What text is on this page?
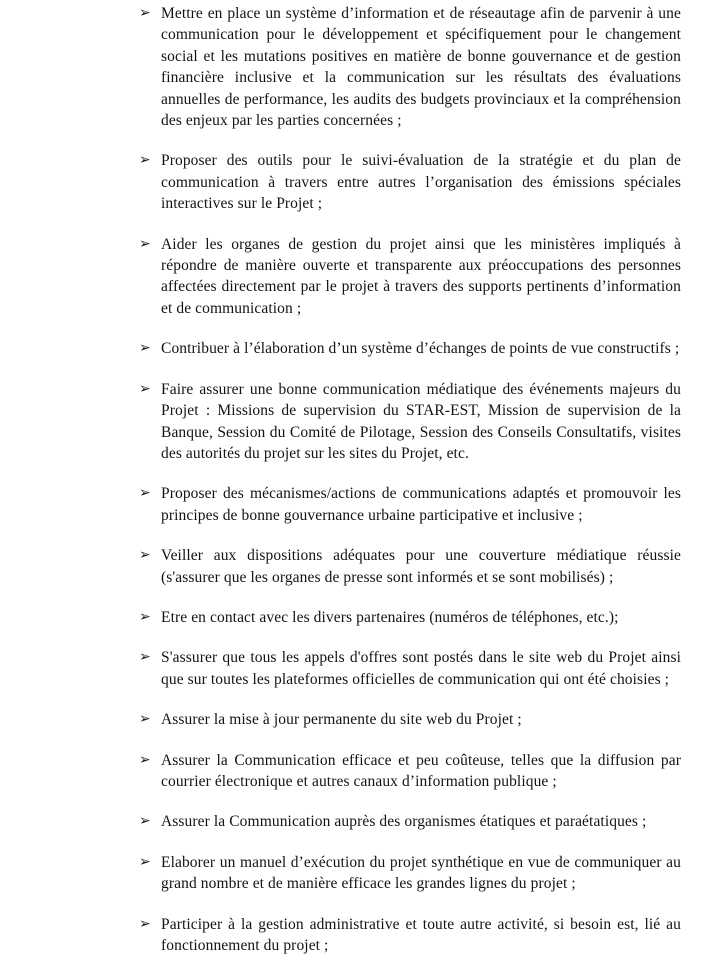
➢ Mettre en place un système d’information et de réseautage afin de parvenir à une communication pour le développement et spécifiquement pour le changement social et les mutations positives en matière de bonne gouvernance et de gestion financière inclusive et la communication sur les résultats des évaluations annuelles de performance, les audits des budgets provinciaux et la compréhension des enjeux par les parties concernées ;
➢ Proposer des outils pour le suivi-évaluation de la stratégie et du plan de communication à travers entre autres l’organisation des émissions spéciales interactives sur le Projet ;
➢ Aider les organes de gestion du projet ainsi que les ministères impliqués à répondre de manière ouverte et transparente aux préoccupations des personnes affectées directement par le projet à travers des supports pertinents d’information et de communication ;
➢ Contribuer à l’élaboration d’un système d’échanges de points de vue constructifs ;
➢ Faire assurer une bonne communication médiatique des événements majeurs du Projet : Missions de supervision du STAR-EST, Mission de supervision de la Banque, Session du Comité de Pilotage, Session des Conseils Consultatifs, visites des autorités du projet sur les sites du Projet, etc.
➢ Proposer des mécanismes/actions de communications adaptés et promouvoir les principes de bonne gouvernance urbaine participative et inclusive ;
➢ Veiller aux dispositions adéquates pour une couverture médiatique réussie (s'assurer que les organes de presse sont informés et se sont mobilisés) ;
➢ Etre en contact avec les divers partenaires (numéros de téléphones, etc.);
➢ S'assurer que tous les appels d'offres sont postés dans le site web du Projet ainsi que sur toutes les plateformes officielles de communication qui ont été choisies ;
➢ Assurer la mise à jour permanente du site web du Projet ;
➢ Assurer la Communication efficace et peu coûteuse, telles que la diffusion par courrier électronique et autres canaux d’information publique ;
➢ Assurer la Communication auprès des organismes étatiques et paraétatiques ;
➢ Elaborer un manuel d’exécution du projet synthétique en vue de communiquer au grand nombre et de manière efficace les grandes lignes du projet ;
➢ Participer à la gestion administrative et toute autre activité, si besoin est, lié au fonctionnement du projet ;
